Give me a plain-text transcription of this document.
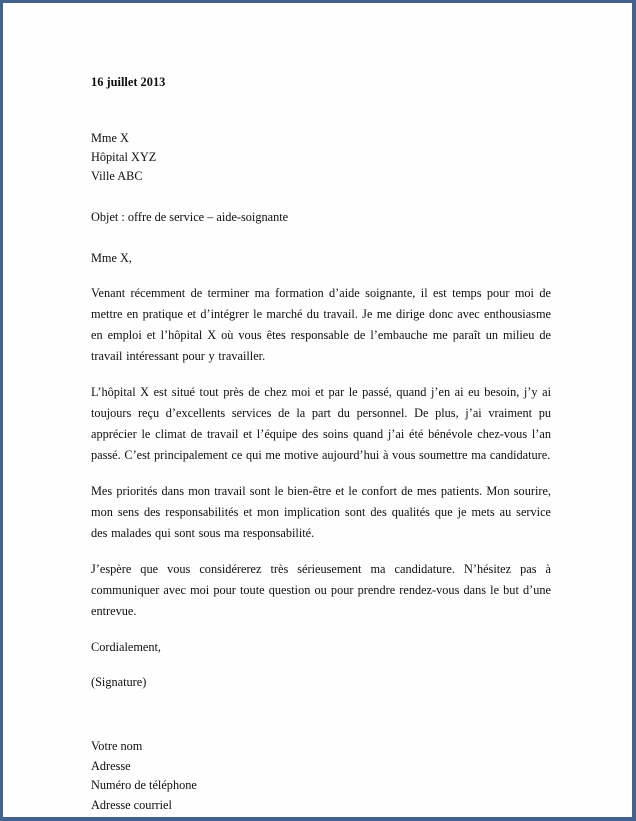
16 juillet 2013
Mme X
Hôpital XYZ
Ville ABC
Objet : offre de service – aide-soignante
Mme X,

Venant récemment de terminer ma formation d’aide soignante, il est temps pour moi de mettre en pratique et d’intégrer le marché du travail. Je me dirige donc avec enthousiasme en emploi et l’hôpital X où vous êtes responsable de l’embauche me paraît un milieu de travail intéressant pour y travailler.

L’hôpital X est situé tout près de chez moi et par le passé, quand j’en ai eu besoin, j’y ai toujours reçu d’excellents services de la part du personnel. De plus, j’ai vraiment pu apprécier le climat de travail et l’équipe des soins quand j’ai été bénévole chez-vous l’an passé. C’est principalement ce qui me motive aujourd’hui à vous soumettre ma candidature.

Mes priorités dans mon travail sont le bien-être et le confort de mes patients. Mon sourire, mon sens des responsabilités et mon implication sont des qualités que je mets au service des malades qui sont sous ma responsabilité.

J’espère que vous considérerez très sérieusement ma candidature. N’hésitez pas à communiquer avec moi pour toute question ou pour prendre rendez-vous dans le but d’une entrevue.

Cordialement,
(Signature)
Votre nom
Adresse
Numéro de téléphone
Adresse courriel
